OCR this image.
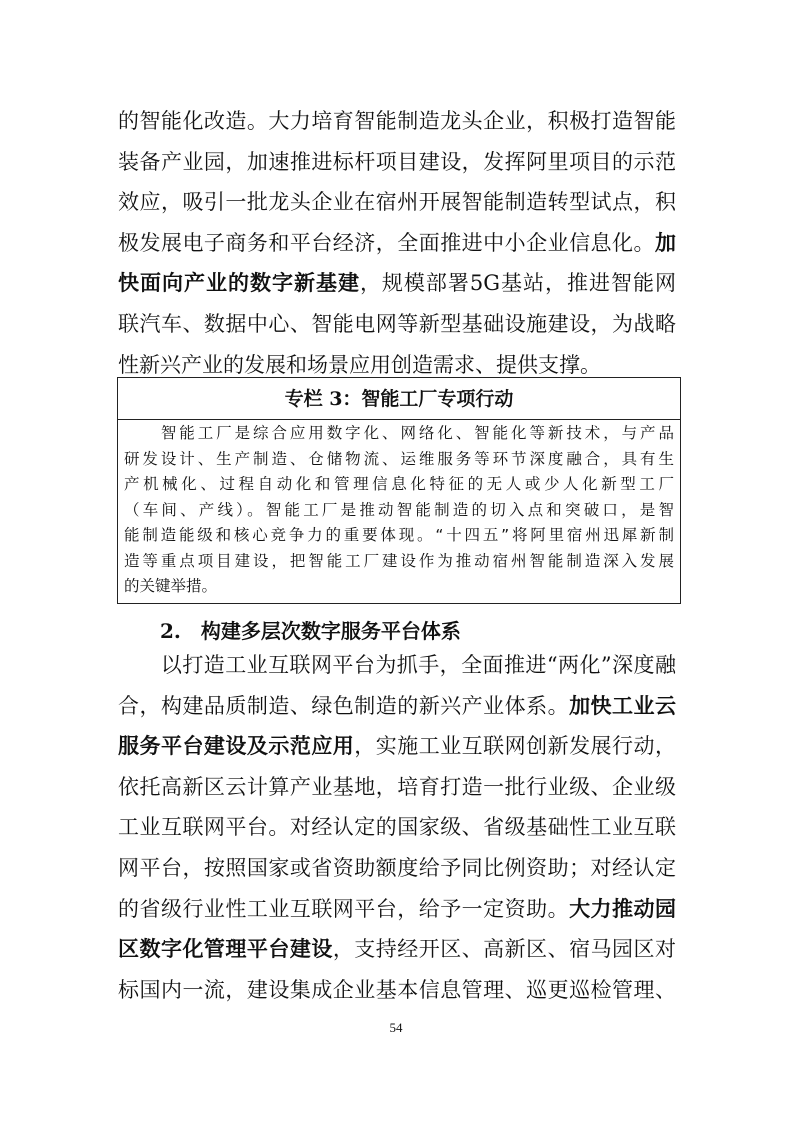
的智能化改造。大力培育智能制造龙头企业，积极打造智能
装备产业园，加速推进标杆项目建设，发挥阿里项目的示范
效应，吸引一批龙头企业在宿州开展智能制造转型试点，积
极发展电子商务和平台经济，全面推进中小企业信息化。加
快面向产业的数字新基建，规模部署5G基站，推进智能网
联汽车、数据中心、智能电网等新型基础设施建设，为战略
性新兴产业的发展和场景应用创造需求、提供支撑。
专栏 3：智能工厂专项行动
　　智能工厂是综合应用数字化、网络化、智能化等新技术，与产品
研发设计、生产制造、仓储物流、运维服务等环节深度融合，具有生
产机械化、过程自动化和管理信息化特征的无人或少人化新型工厂
（车间、产线）。智能工厂是推动智能制造的切入点和突破口，是智
能制造能级和核心竞争力的重要体现。“十四五”将阿里宿州迅犀新制
造等重点项目建设，把智能工厂建设作为推动宿州智能制造深入发展
的关键举措。
2.　构建多层次数字服务平台体系
　　以打造工业互联网平台为抓手，全面推进“两化”深度融
合，构建品质制造、绿色制造的新兴产业体系。加快工业云
服务平台建设及示范应用，实施工业互联网创新发展行动，
依托高新区云计算产业基地，培育打造一批行业级、企业级
工业互联网平台。对经认定的国家级、省级基础性工业互联
网平台，按照国家或省资助额度给予同比例资助；对经认定
的省级行业性工业互联网平台，给予一定资助。大力推动园
区数字化管理平台建设，支持经开区、高新区、宿马园区对
标国内一流，建设集成企业基本信息管理、巡更巡检管理、
54
